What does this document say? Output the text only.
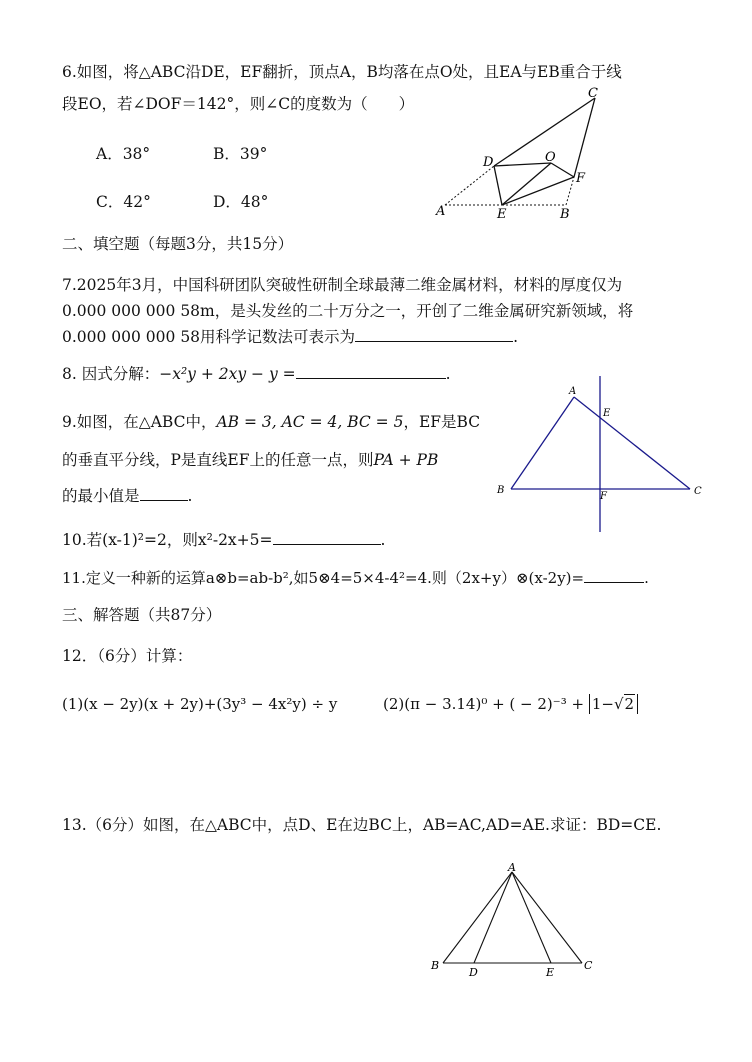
6.如图，将△ABC沿DE，EF翻折，顶点A，B均落在点O处，且EA与EB重合于线
段EO，若∠DOF＝142°，则∠C的度数为（　　）
A．38°	B．39°
C．42°	D．48°
A	E	B
D	O
F
C
二、填空题（每题3分，共15分）
7.2025年3月，中国科研团队突破性研制全球最薄二维金属材料，材料的厚度仅为
0.000 000 000 58m，是头发丝的二十万分之一，开创了二维金属研究新领域，将
0.000 000 000 58用科学记数法可表示为	.
8. 因式分解：−x²y + 2xy − y =	.
9.如图，在△ABC中，AB = 3, AC = 4, BC = 5，EF是BC
的垂直平分线，P是直线EF上的任意一点，则PA + PB
的最小值是	.
A
E
B
F	C
10.若(x-1)²=2，则x²-2x+5=	.
11.定义一种新的运算a⊗b=ab-b²,如5⊗4=5×4-4²=4.则（2x+y）⊗(x-2y)=	.
三、解答题（共87分）
12．（6分）计算：
(1)(x − 2y)(x + 2y)+(3y³ − 4x²y) ÷ y	(2)(π − 3.14)⁰ + ( − 2)⁻³ + 1−√2
13.（6分）如图，在△ABC中，点D、E在边BC上，AB=AC,AD=AE.求证：BD=CE.
A
B
D	E
C
